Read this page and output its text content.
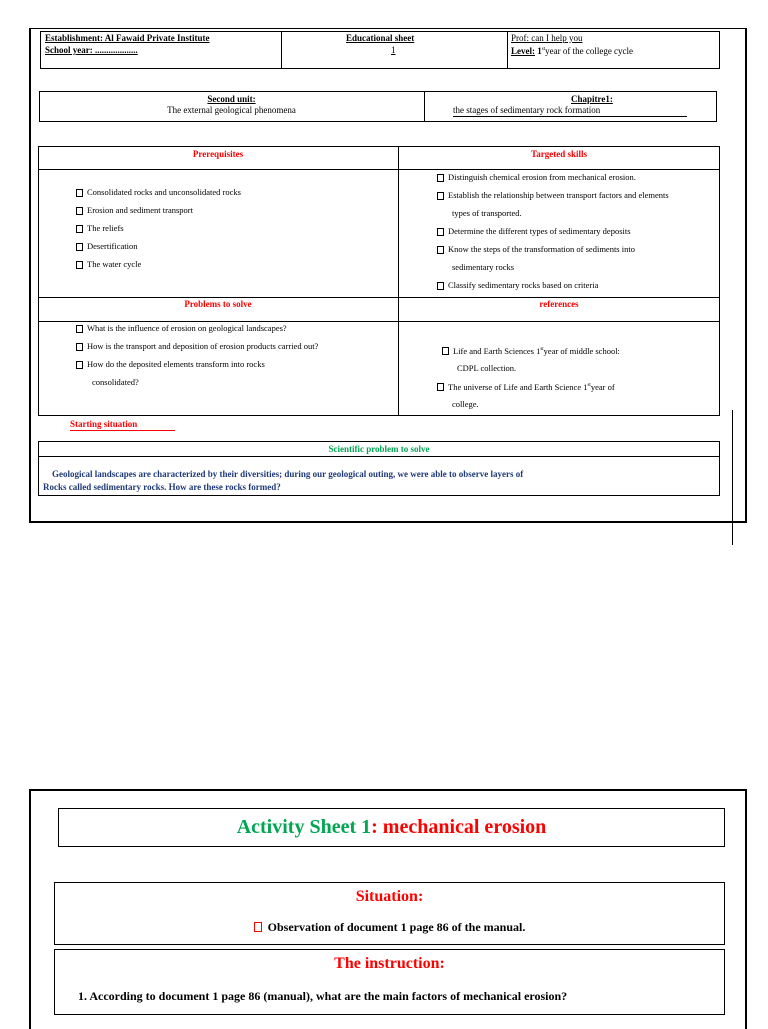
Establishment: Al Fawaid Private Institute
School year: ...................
Educational sheet
1
Prof: can I help you
Level: 1styear of the college cycle
Second unit:
The external geological phenomena
Chapitre1:
the stages of sedimentary rock formation
Prerequisites	Targeted skills
Consolidated rocks and unconsolidated rocks
Erosion and sediment transport
The reliefs
Desertification
The water cycle
Distinguish chemical erosion from mechanical erosion.
Establish the relationship between transport factors and elements
types of transported.
Determine the different types of sedimentary deposits
Know the steps of the transformation of sediments into
sedimentary rocks
Classify sedimentary rocks based on criteria
Problems to solve	references
What is the influence of erosion on geological landscapes?
How is the transport and deposition of erosion products carried out?
How do the deposited elements transform into rocks
consolidated?
Life and Earth Sciences 1styear of middle school:
CDPL collection.
The universe of Life and Earth Science 1styear of
college.
Starting situation
Scientific problem to solve
Geological landscapes are characterized by their diversities; during our geological outing, we were able to observe layers of
Rocks called sedimentary rocks. How are these rocks formed?
Activity Sheet 1: mechanical erosion
Situation:
Observation of document 1 page 86 of the manual.
The instruction:
1. According to document 1 page 86 (manual), what are the main factors of mechanical erosion?
